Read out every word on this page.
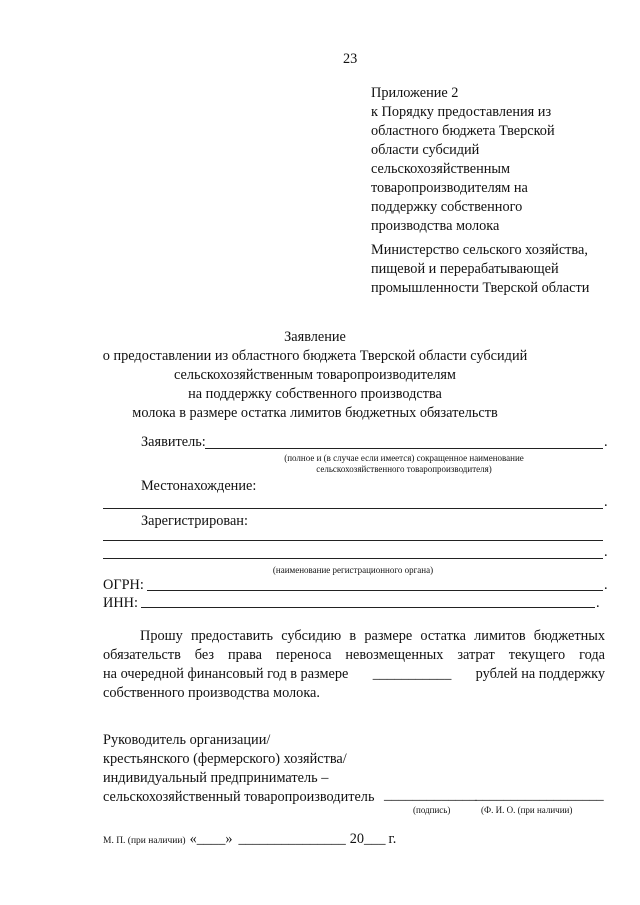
23

Приложение 2

к Порядку предоставления из

областного бюджета Тверской

области субсидий

сельскохозяйственным

товаропроизводителям на

поддержку собственного

производства молока

Министерство сельского хозяйства,

пищевой и перерабатывающей

промышленности Тверской области

Заявление

о предоставлении из областного бюджета Тверской области субсидий

сельскохозяйственным товаропроизводителям

на поддержку собственного производства

молока в размере остатка лимитов бюджетных обязательств

Заявитель:	.
(полное и (в случае если имеется) сокращенное наименование
сельскохозяйственного товаропроизводителя)
Местонахождение:
.
Зарегистрирован:
.
(наименование регистрационного органа)
ОГРН:	.
ИНН:	.

Прошу предоставить субсидию в размере остатка лимитов бюджетных

обязательств без права переноса невозмещенных затрат текущего года

на очередной финансовый год в размере ___________ рублей на поддержку

собственного производства молока.

Руководитель организации/

крестьянского (фермерского) хозяйства/

индивидуальный предприниматель –

сельскохозяйственный товаропроизводитель _____________
__________________
(подпись)	(Ф. И. О. (при наличии)
М. П. (при наличии) « ____ » _______________ 20 ___ г.
